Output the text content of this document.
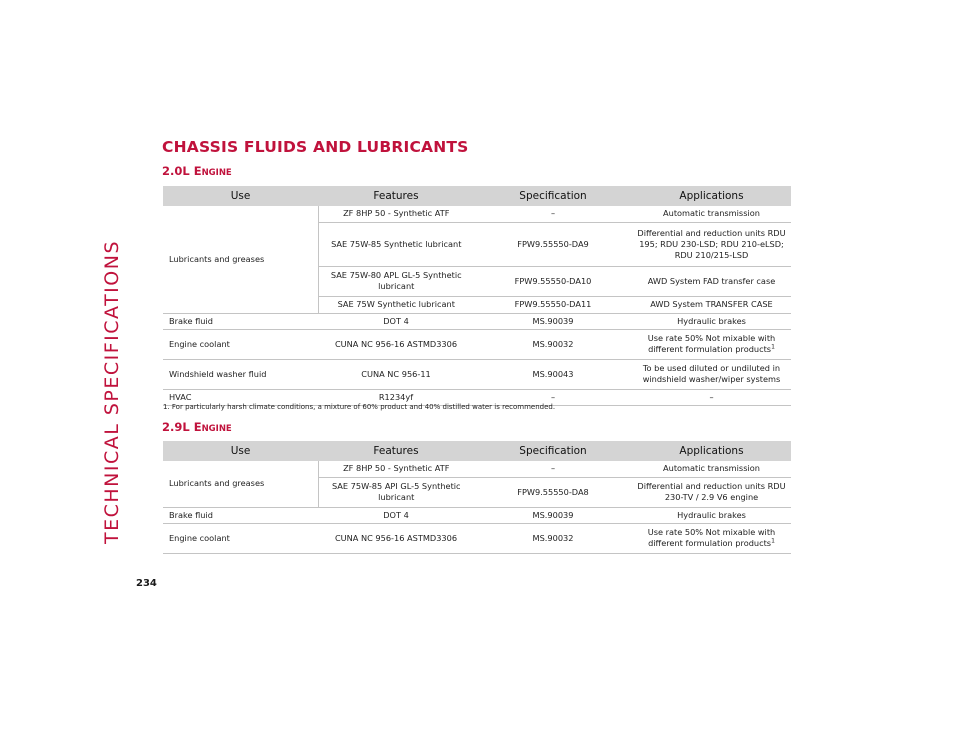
TECHNICAL SPECIFICATIONS
234
CHASSIS FLUIDS AND LUBRICANTS
2.0L ENGINE
Use	Features	Specification	Applications
Lubricants and greases	ZF 8HP 50 - Synthetic ATF	–	Automatic transmission
	SAE 75W-85 Synthetic lubricant	FPW9.55550-DA9	Differential and reduction units RDU 195; RDU 230-LSD; RDU 210-eLSD; RDU 210/215-LSD
	SAE 75W-80 APL GL-5 Synthetic lubricant	FPW9.55550-DA10	AWD System FAD transfer case
	SAE 75W Synthetic lubricant	FPW9.55550-DA11	AWD System TRANSFER CASE
Brake fluid	DOT 4	MS.90039	Hydraulic brakes
Engine coolant	CUNA NC 956-16 ASTMD3306	MS.90032	Use rate 50% Not mixable with different formulation products$^1$
Windshield washer fluid	CUNA NC 956-11	MS.90043	To be used diluted or undiluted in windshield washer/wiper systems
HVAC	R1234yf	–	–
1. For particularly harsh climate conditions, a mixture of 60% product and 40% distilled water is recommended.
2.9L ENGINE
Use	Features	Specification	Applications
Lubricants and greases	ZF 8HP 50 - Synthetic ATF	–	Automatic transmission
	SAE 75W-85 API GL-5 Synthetic lubricant	FPW9.55550-DA8	Differential and reduction units RDU 230-TV / 2.9 V6 engine
Brake fluid	DOT 4	MS.90039	Hydraulic brakes
Engine coolant	CUNA NC 956-16 ASTMD3306	MS.90032	Use rate 50% Not mixable with different formulation products$^1$
